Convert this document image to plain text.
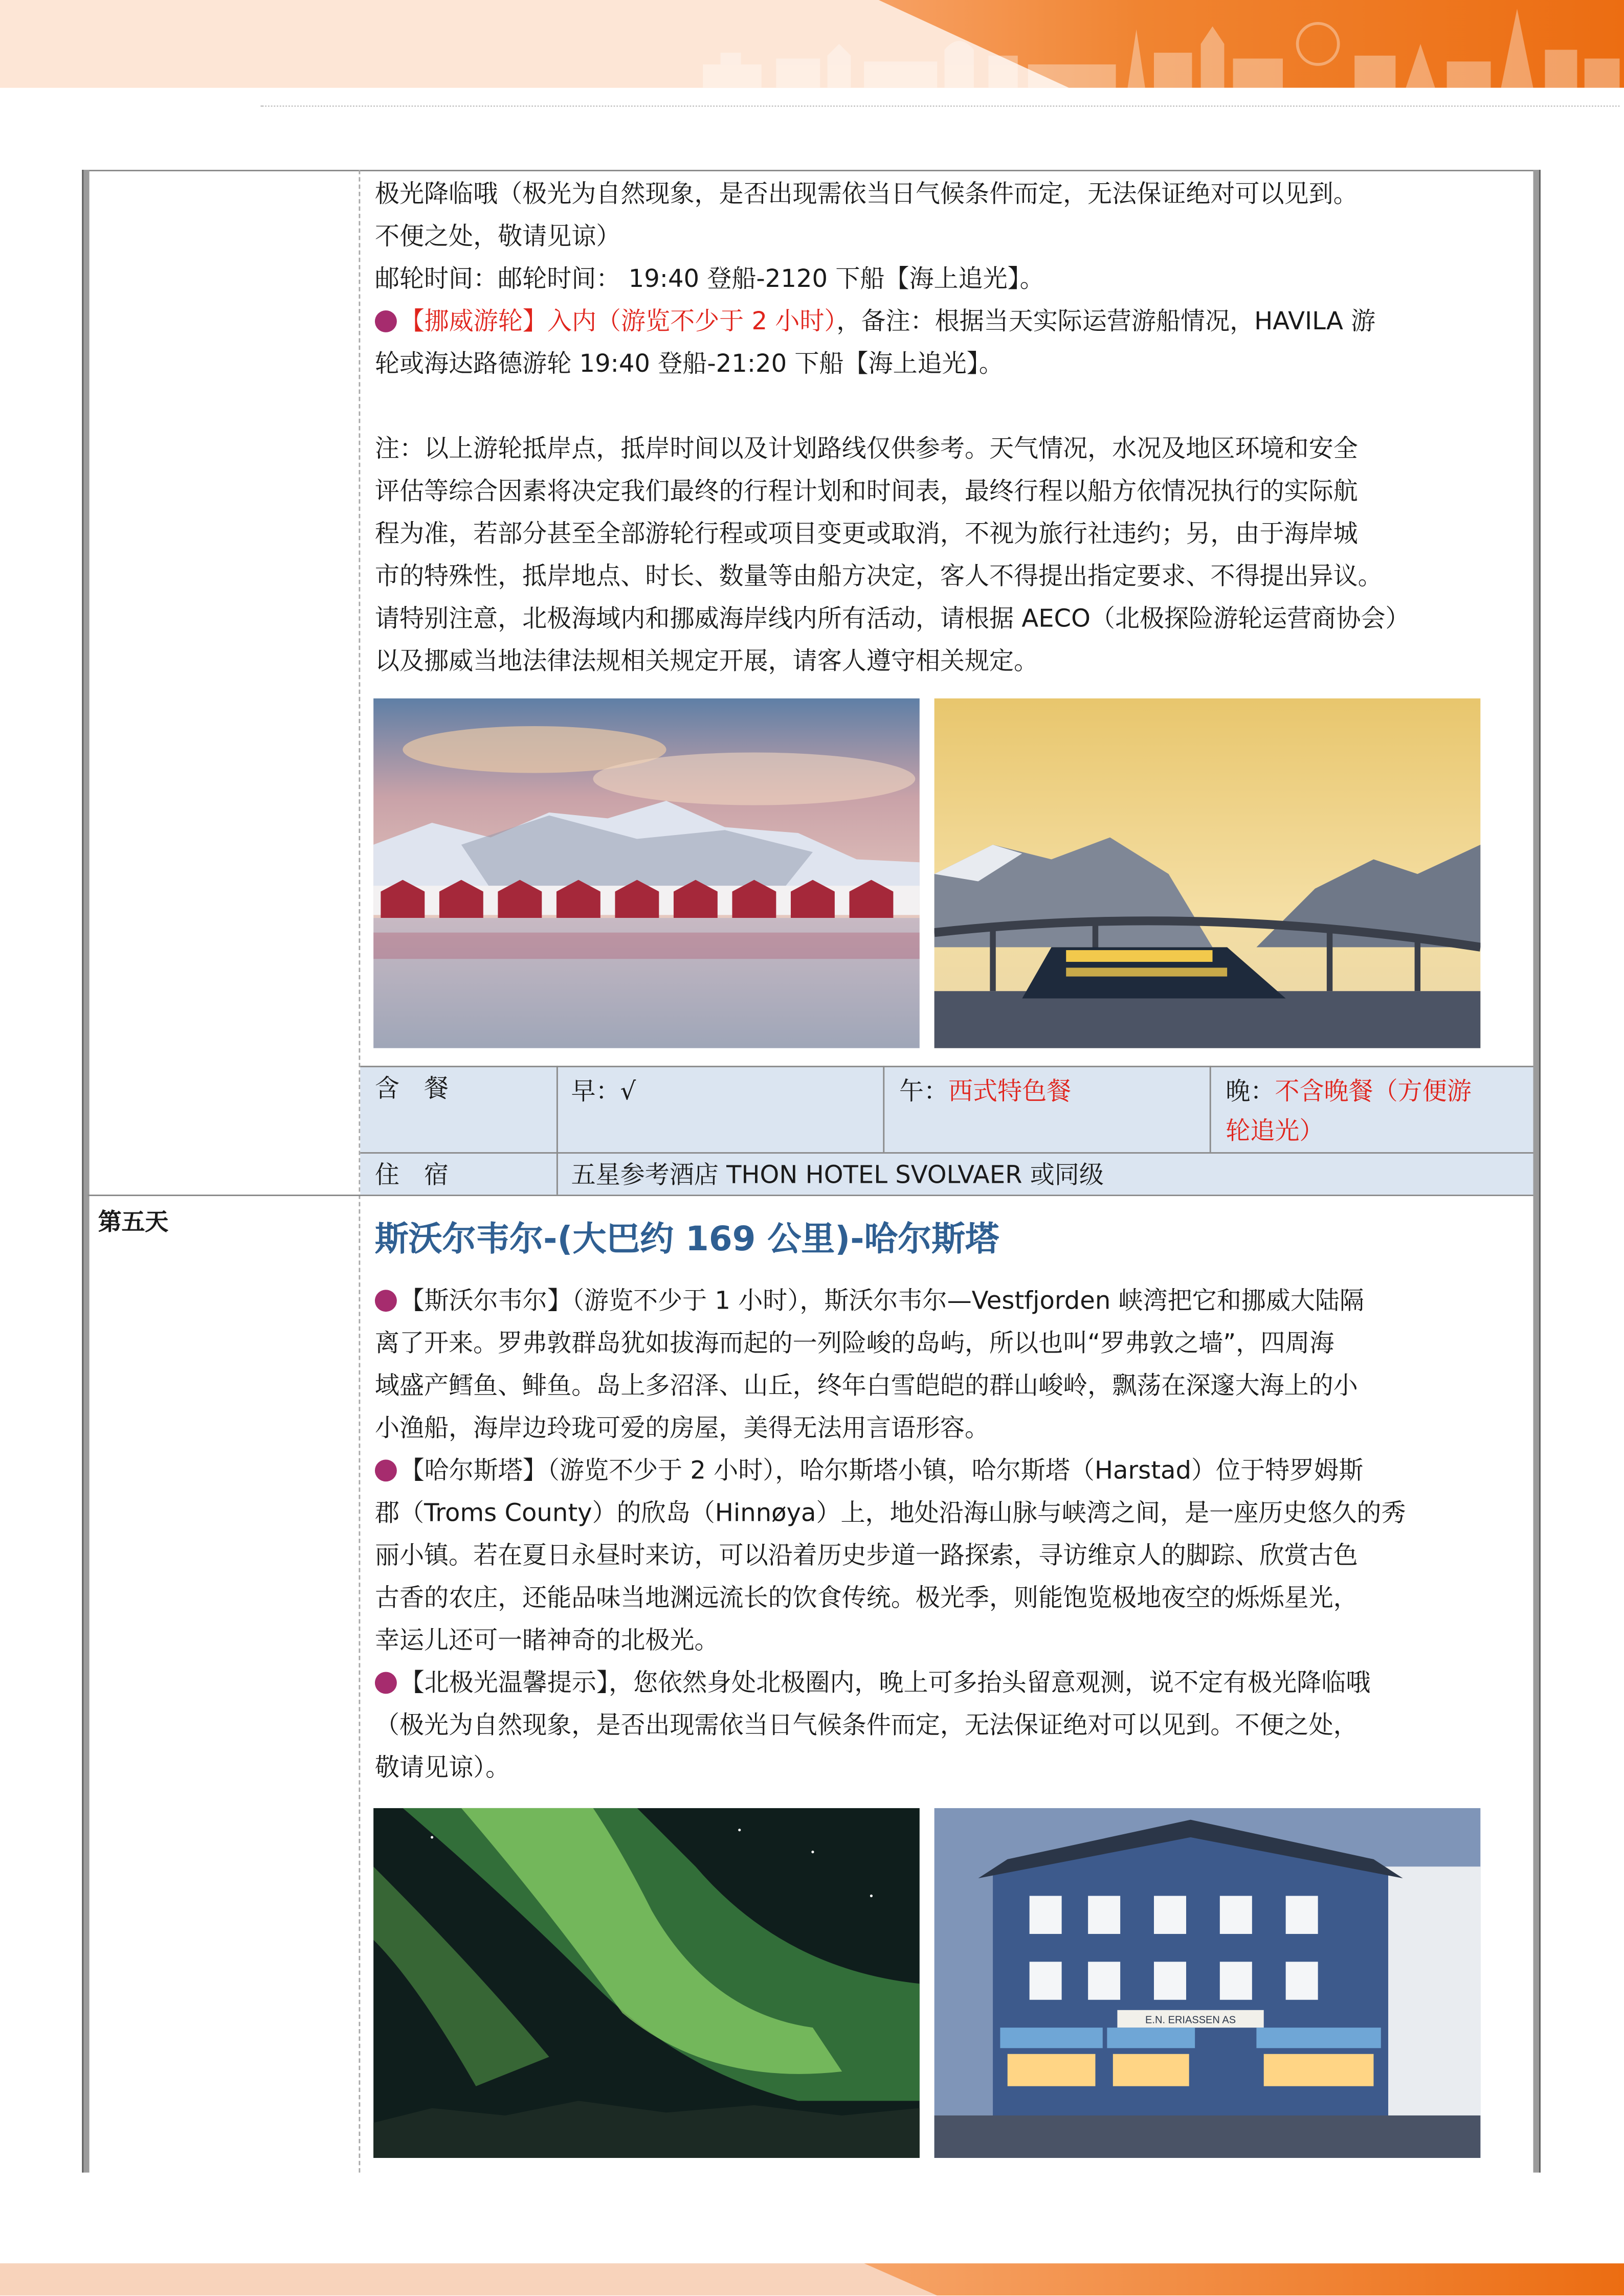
极光降临哦（极光为自然现象，是否出现需依当日气候条件而定，无法保证绝对可以见到。

不便之处，敬请见谅）

邮轮时间：邮轮时间： 19:40 登船-2120 下船【海上追光】。

【挪威游轮】入内（游览不少于 2 小时），备注：根据当天实际运营游船情况，HAVILA 游

轮或海达路德游轮 19:40 登船-21:20 下船【海上追光】。

注：以上游轮抵岸点，抵岸时间以及计划路线仅供参考。天气情况，水况及地区环境和安全

评估等综合因素将决定我们最终的行程计划和时间表，最终行程以船方依情况执行的实际航

程为准，若部分甚至全部游轮行程或项目变更或取消，不视为旅行社违约；另，由于海岸城

市的特殊性，抵岸地点、时长、数量等由船方决定，客人不得提出指定要求、不得提出异议。

请特别注意，北极海域内和挪威海岸线内所有活动，请根据 AECO（北极探险游轮运营商协会）

以及挪威当地法律法规相关规定开展，请客人遵守相关规定。

含　餐	早：√	午：西式特色餐	晚：不含晚餐（方便游

轮追光）

住　宿	五星参考酒店 THON HOTEL SVOLVAER 或同级

第五天	斯沃尔韦尔-(大巴约 169 公里)-哈尔斯塔

【斯沃尔韦尔】（游览不少于 1 小时），斯沃尔韦尔—Vestfjorden 峡湾把它和挪威大陆隔

离了开来。罗弗敦群岛犹如拔海而起的一列险峻的岛屿，所以也叫“罗弗敦之墙”，四周海

域盛产鳕鱼、鲱鱼。岛上多沼泽、山丘，终年白雪皑皑的群山峻岭，飘荡在深邃大海上的小

小渔船，海岸边玲珑可爱的房屋，美得无法用言语形容。

【哈尔斯塔】（游览不少于 2 小时），哈尔斯塔小镇，哈尔斯塔（Harstad）位于特罗姆斯

郡（Troms County）的欣岛（Hinnøya）上，地处沿海山脉与峡湾之间，是一座历史悠久的秀

丽小镇。若在夏日永昼时来访，可以沿着历史步道一路探索，寻访维京人的脚踪、欣赏古色

古香的农庄，还能品味当地渊远流长的饮食传统。极光季，则能饱览极地夜空的烁烁星光，

幸运儿还可一睹神奇的北极光。

【北极光温馨提示】，您依然身处北极圈内，晚上可多抬头留意观测，说不定有极光降临哦

（极光为自然现象，是否出现需依当日气候条件而定，无法保证绝对可以见到。不便之处，

敬请见谅）。

E.N. ERIASSEN AS
